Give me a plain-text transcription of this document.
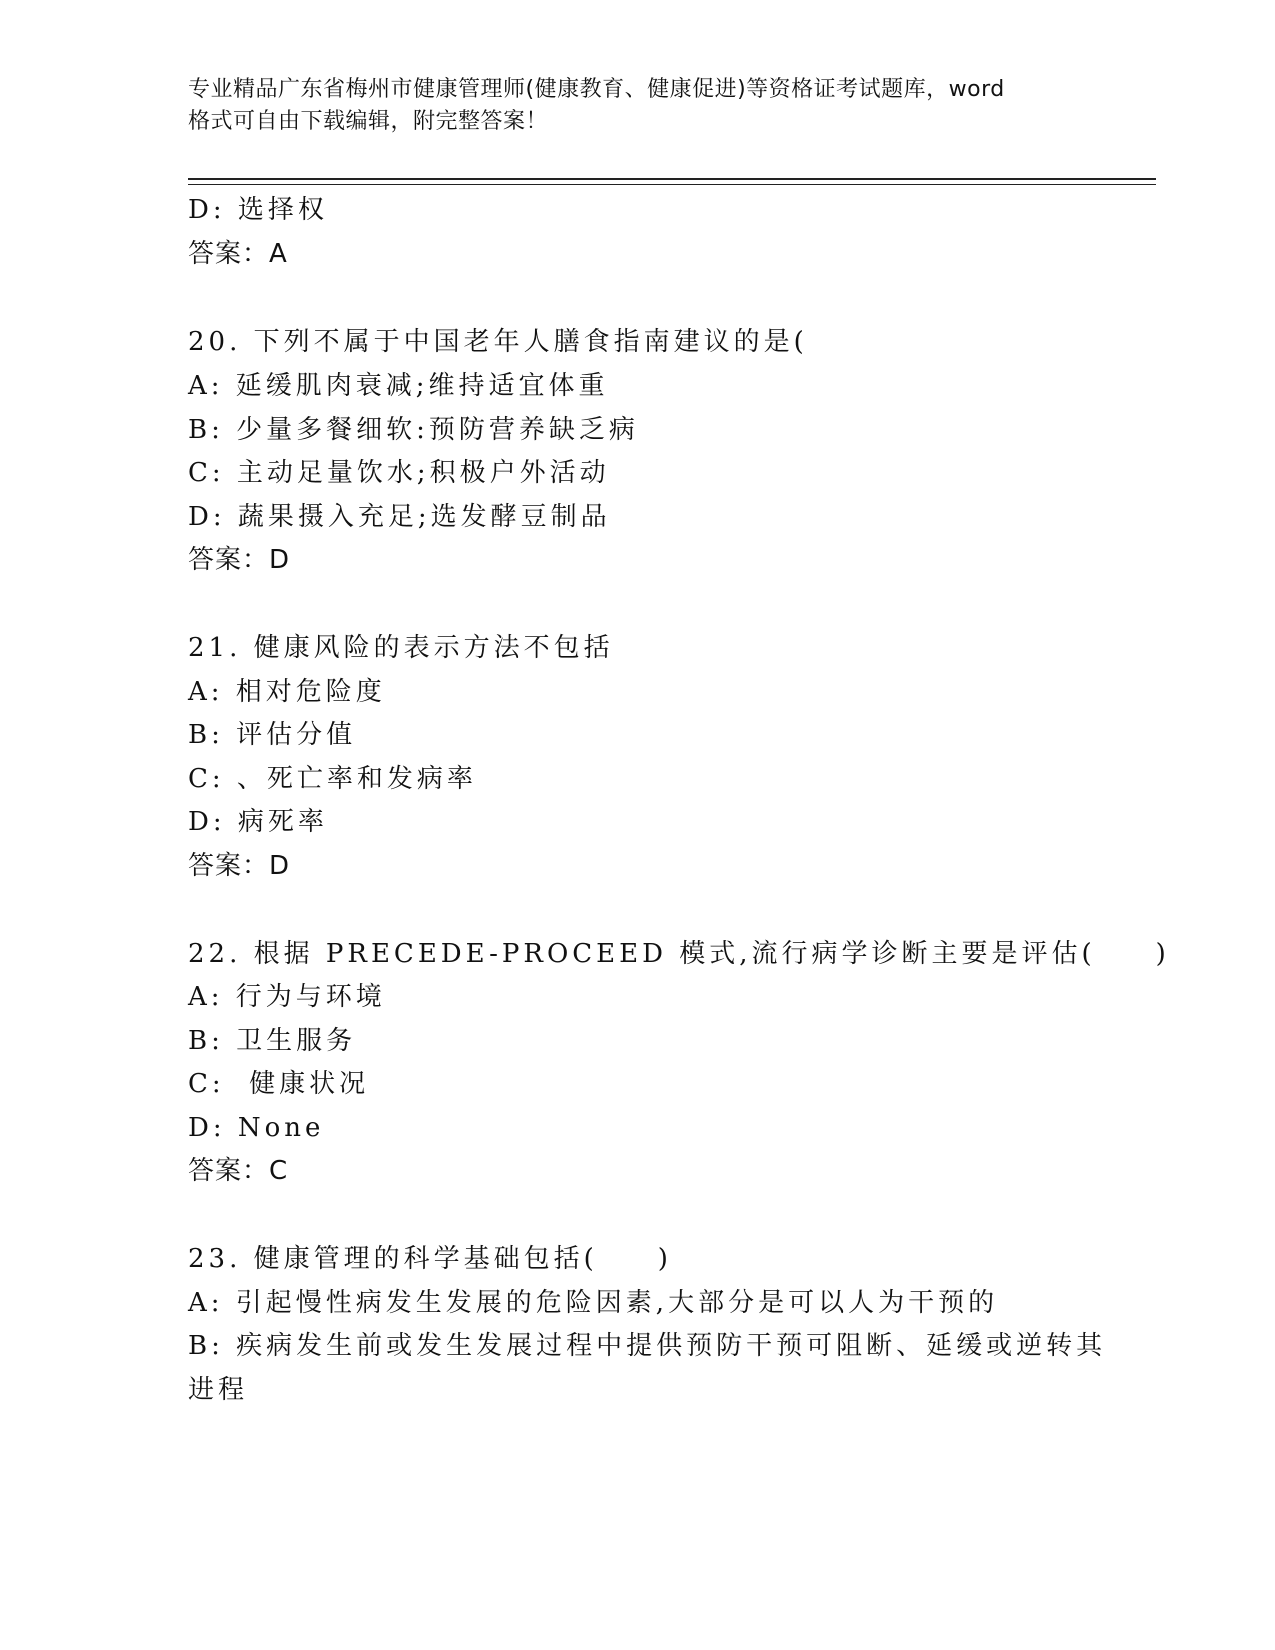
专业精品广东省梅州市健康管理师(健康教育、健康促进)等资格证考试题库，word
格式可自由下载编辑，附完整答案！
D: 选择权
答案：A
20. 下列不属于中国老年人膳食指南建议的是(
A: 延缓肌肉衰减;维持适宜体重
B: 少量多餐细软:预防营养缺乏病
C: 主动足量饮水;积极户外活动
D: 蔬果摄入充足;选发酵豆制品
答案：D
21. 健康风险的表示方法不包括
A: 相对危险度
B: 评估分值
C: 、死亡率和发病率
D: 病死率
答案：D
22. 根据 PRECEDE-PROCEED 模式,流行病学诊断主要是评估(　　)
A: 行为与环境
B: 卫生服务
C:  健康状况
D: None
答案：C
23. 健康管理的科学基础包括(　　)
A: 引起慢性病发生发展的危险因素,大部分是可以人为干预的
B: 疾病发生前或发生发展过程中提供预防干预可阻断、延缓或逆转其
进程
